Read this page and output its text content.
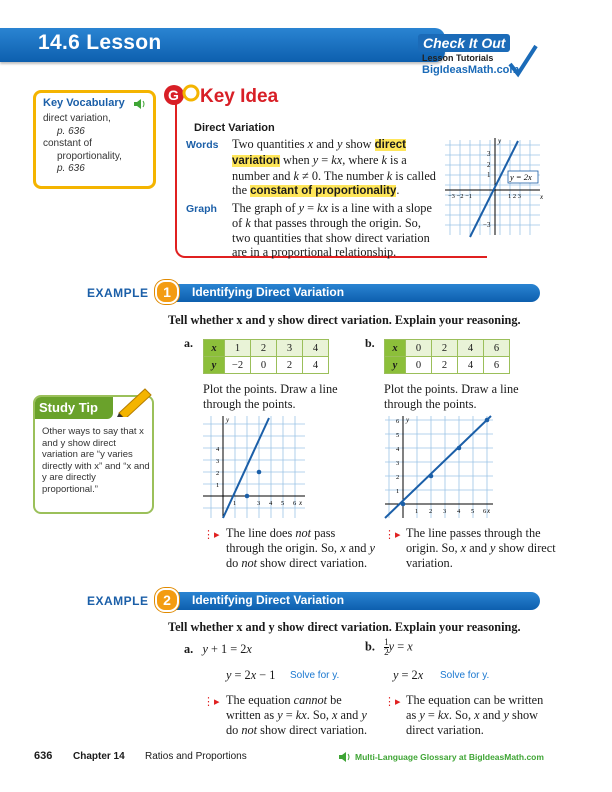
14.6 Lesson	Check It Out
Lesson Tutorials
BigIdeasMath.com
Key Vocabulary
direct variation,
p. 636
constant of
proportionality,
p. 636
G Key Idea
Direct Variation
Words Two quantities x and y show direct variation when y = kx, where k is a number and k ≠ 0. The number k is called the constant of proportionality.
Graph The graph of y = kx is a line with a slope of k that passes through the origin. So, two quantities that show direct variation are in a proportional relationship.
y = 2x
y
x
3
2
1
−3 −2 −1	1 2 3
−3
EXAMPLE	1	Identifying Direct Variation
Tell whether x and y show direct variation. Explain your reasoning.
a. x	1	2	3	4
y	−2	0	2	4
Plot the points. Draw a line through the points.
y
x
4
3
2
1
1	3 4 5 6
⋮▸ The line does not pass through the origin. So, x and y do not show direct variation.
b. x	0	2	4	6
y	0	2	4	6
Plot the points. Draw a line through the points.
y
x
6
5
4
3
2
1
1 2 3 4 5 6
⋮▸ The line passes through the origin. So, x and y show direct variation.
Study Tip
Other ways to say that x and y show direct variation are “y varies directly with x” and “x and y are directly proportional.”
EXAMPLE	2	Identifying Direct Variation
Tell whether x and y show direct variation. Explain your reasoning.
a. y + 1 = 2x
y = 2x − 1 Solve for y.
⋮▸ The equation cannot be written as y = kx. So, x and y do not show direct variation.
b. $\frac{1}{2}y = x$
y = 2x Solve for y.
⋮▸ The equation can be written as y = kx. So, x and y show direct variation.
636 Chapter 14 Ratios and Proportions	Multi-Language Glossary at BigIdeasMath.com
